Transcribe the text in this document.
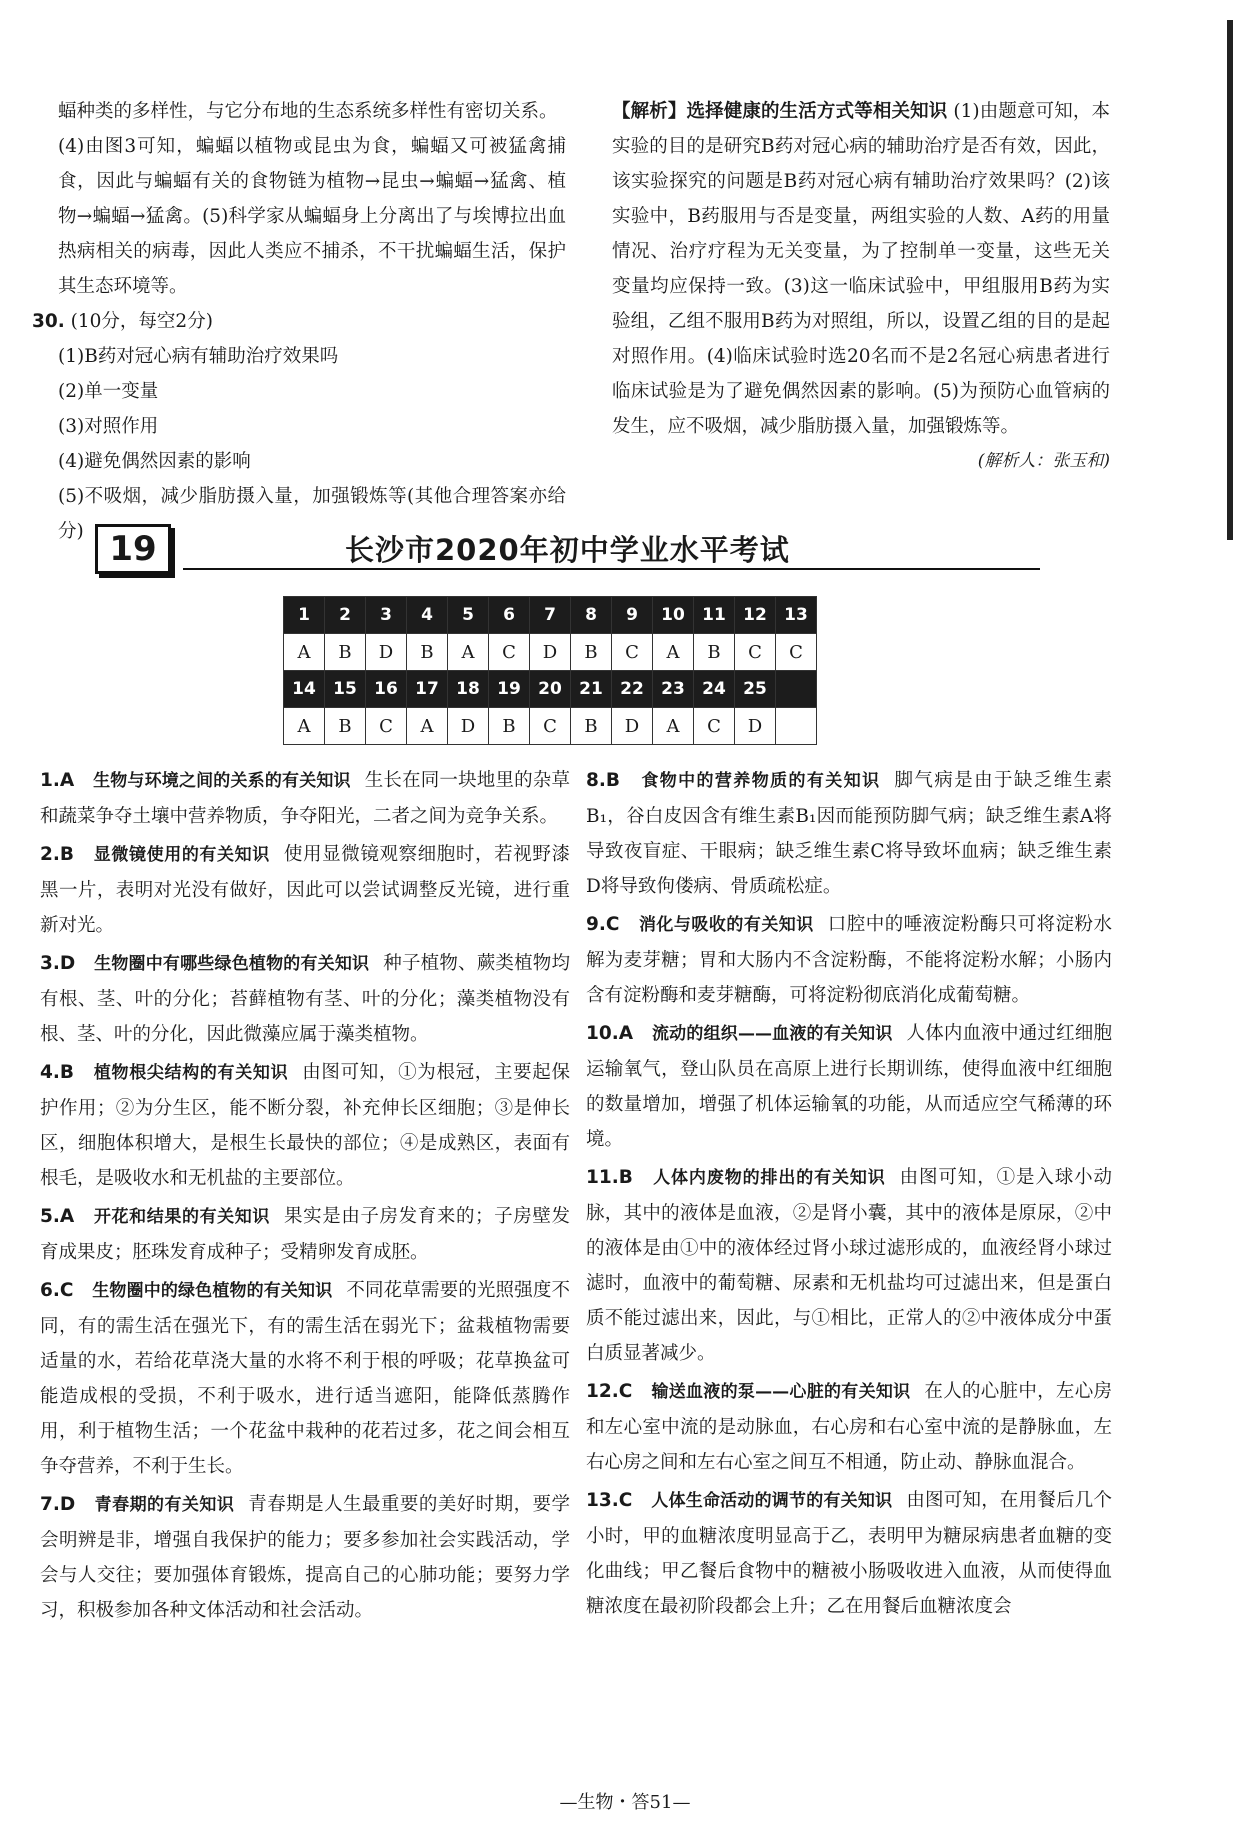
蝠种类的多样性，与它分布地的生态系统多样性有密切关系。

(4)由图3可知，蝙蝠以植物或昆虫为食，蝙蝠又可被猛禽捕食，因此与蝙蝠有关的食物链为植物→昆虫→蝙蝠→猛禽、植物→蝙蝠→猛禽。(5)科学家从蝙蝠身上分离出了与埃博拉出血热病相关的病毒，因此人类应不捕杀，不干扰蝙蝠生活，保护其生态环境等。

30. (10分，每空2分)

(1)B药对冠心病有辅助治疗效果吗

(2)单一变量

(3)对照作用

(4)避免偶然因素的影响

(5)不吸烟，减少脂肪摄入量，加强锻炼等(其他合理答案亦给分)

【解析】选择健康的生活方式等相关知识 (1)由题意可知，本实验的目的是研究B药对冠心病的辅助治疗是否有效，因此，该实验探究的问题是B药对冠心病有辅助治疗效果吗？(2)该实验中，B药服用与否是变量，两组实验的人数、A药的用量情况、治疗疗程为无关变量，为了控制单一变量，这些无关变量均应保持一致。(3)这一临床试验中，甲组服用B药为实验组，乙组不服用B药为对照组，所以，设置乙组的目的是起对照作用。(4)临床试验时选20名而不是2名冠心病患者进行临床试验是为了避免偶然因素的影响。(5)为预防心血管病的发生，应不吸烟，减少脂肪摄入量，加强锻炼等。

(解析人：张玉和)

19	长沙市2020年初中学业水平考试
1	2	3	4	5	6	7	8	9	10	11	12	13
A	B	D	B	A	C	D	B	C	A	B	C	C
14	15	16	17	18	19	20	21	22	23	24	25	
A	B	C	A	D	B	C	B	D	A	C	D	

1.A　 生物与环境之间的关系的有关知识 生长在同一块地里的杂草和蔬菜争夺土壤中营养物质，争夺阳光，二者之间为竞争关系。

2.B　 显微镜使用的有关知识 使用显微镜观察细胞时，若视野漆黑一片，表明对光没有做好，因此可以尝试调整反光镜，进行重新对光。

3.D　 生物圈中有哪些绿色植物的有关知识 种子植物、蕨类植物均有根、茎、叶的分化；苔藓植物有茎、叶的分化；藻类植物没有根、茎、叶的分化，因此微藻应属于藻类植物。

4.B　 植物根尖结构的有关知识 由图可知，①为根冠，主要起保护作用；②为分生区，能不断分裂，补充伸长区细胞；③是伸长区，细胞体积增大，是根生长最快的部位；④是成熟区，表面有根毛，是吸收水和无机盐的主要部位。

5.A　 开花和结果的有关知识 果实是由子房发育来的；子房壁发育成果皮；胚珠发育成种子；受精卵发育成胚。

6.C　 生物圈中的绿色植物的有关知识 不同花草需要的光照强度不同，有的需生活在强光下，有的需生活在弱光下；盆栽植物需要适量的水，若给花草浇大量的水将不利于根的呼吸；花草换盆可能造成根的受损，不利于吸水，进行适当遮阳，能降低蒸腾作用，利于植物生活；一个花盆中栽种的花若过多，花之间会相互争夺营养，不利于生长。

7.D　 青春期的有关知识 青春期是人生最重要的美好时期，要学会明辨是非，增强自我保护的能力；要多参加社会实践活动，学会与人交往；要加强体育锻炼，提高自己的心肺功能；要努力学习，积极参加各种文体活动和社会活动。

8.B　 食物中的营养物质的有关知识 脚气病是由于缺乏维生素B₁，谷白皮因含有维生素B₁因而能预防脚气病；缺乏维生素A将导致夜盲症、干眼病；缺乏维生素C将导致坏血病；缺乏维生素D将导致佝偻病、骨质疏松症。

9.C　 消化与吸收的有关知识 口腔中的唾液淀粉酶只可将淀粉水解为麦芽糖；胃和大肠内不含淀粉酶，不能将淀粉水解；小肠内含有淀粉酶和麦芽糖酶，可将淀粉彻底消化成葡萄糖。

10.A　 流动的组织——血液的有关知识 人体内血液中通过红细胞运输氧气，登山队员在高原上进行长期训练，使得血液中红细胞的数量增加，增强了机体运输氧的功能，从而适应空气稀薄的环境。

11.B　 人体内废物的排出的有关知识 由图可知，①是入球小动脉，其中的液体是血液，②是肾小囊，其中的液体是原尿，②中的液体是由①中的液体经过肾小球过滤形成的，血液经肾小球过滤时，血液中的葡萄糖、尿素和无机盐均可过滤出来，但是蛋白质不能过滤出来，因此，与①相比，正常人的②中液体成分中蛋白质显著减少。

12.C　 输送血液的泵——心脏的有关知识 在人的心脏中，左心房和左心室中流的是动脉血，右心房和右心室中流的是静脉血，左右心房之间和左右心室之间互不相通，防止动、静脉血混合。

13.C　 人体生命活动的调节的有关知识 由图可知，在用餐后几个小时，甲的血糖浓度明显高于乙，表明甲为糖尿病患者血糖的变化曲线；甲乙餐后食物中的糖被小肠吸收进入血液，从而使得血糖浓度在最初阶段都会上升；乙在用餐后血糖浓度会

—生物・答51—
